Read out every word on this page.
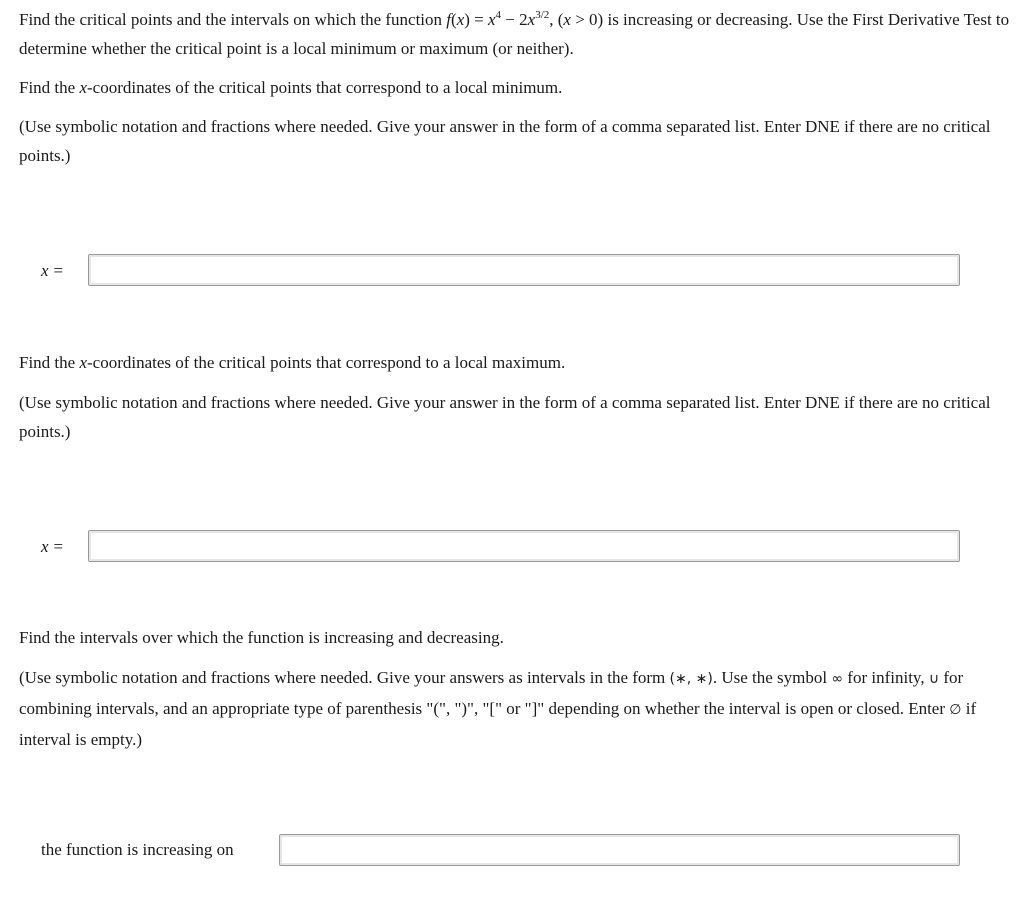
Find the critical points and the intervals on which the function $f(x) = x^4 - 2x^{3/2}$, (x > 0) is increasing or decreasing. Use the First Derivative Test to determine whether the critical point is a local minimum or maximum (or neither).

Find the x-coordinates of the critical points that correspond to a local minimum.

(Use symbolic notation and fractions where needed. Give your answer in the form of a comma separated list. Enter DNE if there are no critical points.)

x =

Find the x-coordinates of the critical points that correspond to a local maximum.

(Use symbolic notation and fractions where needed. Give your answer in the form of a comma separated list. Enter DNE if there are no critical points.)

x =

Find the intervals over which the function is increasing and decreasing.

(Use symbolic notation and fractions where needed. Give your answers as intervals in the form (∗, ∗). Use the symbol ∞ for infinity, ∪ for combining intervals, and an appropriate type of parenthesis "(", ")", "[" or "]" depending on whether the interval is open or closed. Enter ∅ if interval is empty.)

the function is increasing on
